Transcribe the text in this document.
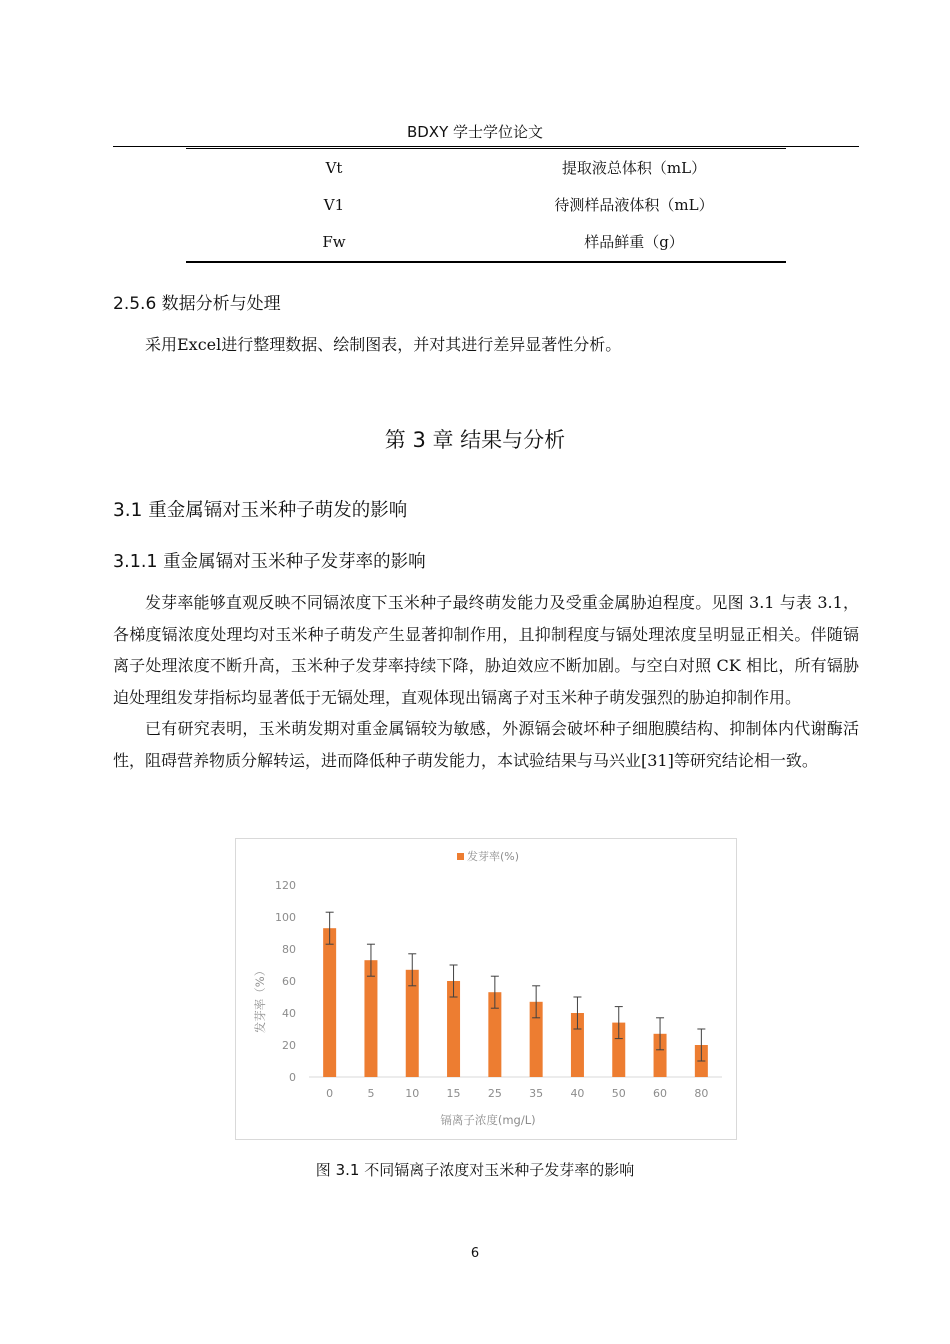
BDXY 学士学位论文
Vt	提取液总体积（mL）
V1	待测样品液体积（mL）
Fw	样品鲜重（g）
2.5.6 数据分析与处理

采用Excel进行整理数据、绘制图表，并对其进行差异显著性分析。

第 3 章 结果与分析
3.1 重金属镉对玉米种子萌发的影响
3.1.1 重金属镉对玉米种子发芽率的影响

发芽率能够直观反映不同镉浓度下玉米种子最终萌发能力及受重金属胁迫程度。见图 3.1 与表 3.1，各梯度镉浓度处理均对玉米种子萌发产生显著抑制作用，且抑制程度与镉处理浓度呈明显正相关。伴随镉离子处理浓度不断升高，玉米种子发芽率持续下降，胁迫效应不断加剧。与空白对照 CK 相比，所有镉胁迫处理组发芽指标均显著低于无镉处理，直观体现出镉离子对玉米种子萌发强烈的胁迫抑制作用。

已有研究表明，玉米萌发期对重金属镉较为敏感，外源镉会破坏种子细胞膜结构、抑制体内代谢酶活性，阻碍营养物质分解转运，进而降低种子萌发能力，本试验结果与马兴业[31]等研究结论相一致。

发芽率(%)
发芽率（%）
镉离子浓度(mg/L)
0
20
40
60
80
100
120
0	5	10 15 25 35 40 50 60 80
图 3.1 不同镉离子浓度对玉米种子发芽率的影响
6
